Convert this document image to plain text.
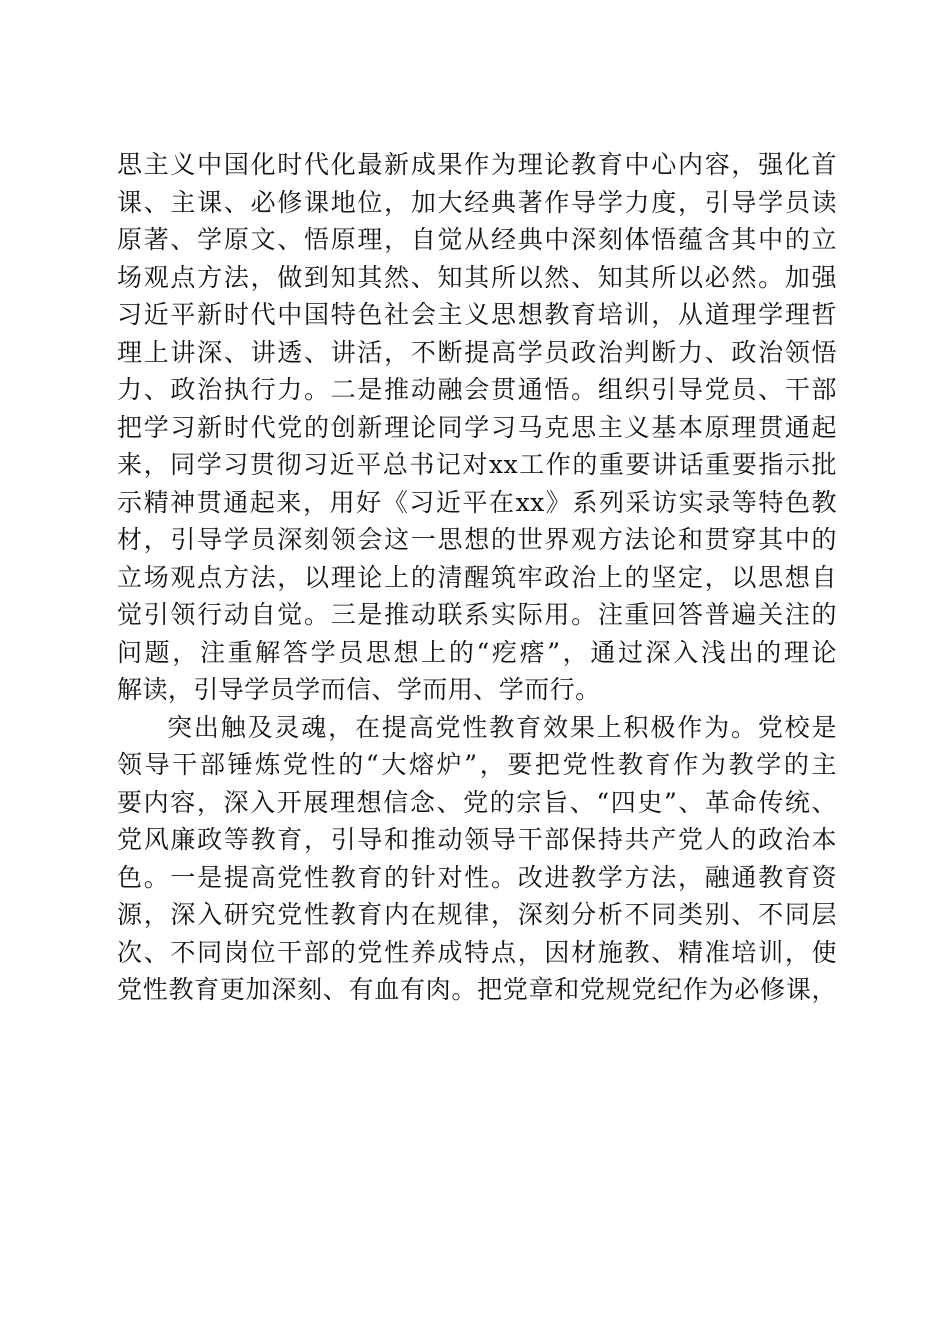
思主义中国化时代化最新成果作为理论教育中心内容，强化首
课、主课、必修课地位，加大经典著作导学力度，引导学员读
原著、学原文、悟原理，自觉从经典中深刻体悟蕴含其中的立
场观点方法，做到知其然、知其所以然、知其所以必然。加强
习近平新时代中国特色社会主义思想教育培训，从道理学理哲
理上讲深、讲透、讲活，不断提高学员政治判断力、政治领悟
力、政治执行力。二是推动融会贯通悟。组织引导党员、干部
把学习新时代党的创新理论同学习马克思主义基本原理贯通起
来，同学习贯彻习近平总书记对xx工作的重要讲话重要指示批
示精神贯通起来，用好《习近平在xx》系列采访实录等特色教
材，引导学员深刻领会这一思想的世界观方法论和贯穿其中的
立场观点方法，以理论上的清醒筑牢政治上的坚定，以思想自
觉引领行动自觉。三是推动联系实际用。注重回答普遍关注的
问题，注重解答学员思想上的“疙瘩”，通过深入浅出的理论
解读，引导学员学而信、学而用、学而行。
突出触及灵魂，在提高党性教育效果上积极作为。党校是
领导干部锤炼党性的“大熔炉”，要把党性教育作为教学的主
要内容，深入开展理想信念、党的宗旨、“四史”、革命传统、
党风廉政等教育，引导和推动领导干部保持共产党人的政治本
色。一是提高党性教育的针对性。改进教学方法，融通教育资
源，深入研究党性教育内在规律，深刻分析不同类别、不同层
次、不同岗位干部的党性养成特点，因材施教、精准培训，使
党性教育更加深刻、有血有肉。把党章和党规党纪作为必修课，
